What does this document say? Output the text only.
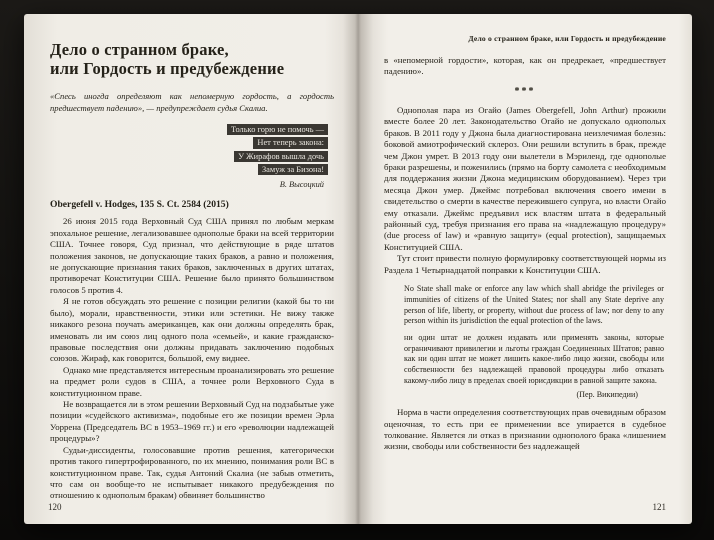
Дело о странном браке,
или Гордость и предубеждение

«Спесь иногда определяют как непомерную гордость, а гордость предшествует падению», — предупреждает судья Скалиа.

Только горю не помочь —
Нет теперь закона:
У Жирафов вышла дочь
Замуж за Бизона!
В. Высоцкий
Obergefell v. Hodges, 135 S. Ct. 2584 (2015)

26 июня 2015 года Верховный Суд США принял по любым меркам эпохальное решение, легализовавшее однополые браки на всей территории США. Точнее говоря, Суд признал, что действующие в ряде штатов положения законов, не допускающие таких браков, а равно и положения, не допускающие признания таких браков, заключенных в других штатах, противоречат Конституции США. Решение было принято большинством голосов 5 против 4.

Я не готов обсуждать это решение с позиции религии (какой бы то ни было), морали, нравственности, этики или эстетики. Не вижу также никакого резона поучать американцев, как они должны определять брак, именовать ли им союз лиц одного пола «семьей», и какие гражданско-правовые последствия они должны придавать заключению подобных союзов. Жираф, как говорится, большой, ему виднее.

Однако мне представляется интересным проанализировать это решение на предмет роли судов в США, а точнее роли Верховного Суда в конституционном праве.

Не возвращается ли в этом решении Верховный Суд на подзабытые уже позиции «судейского активизма», подобные его же позиции времен Эрла Уоррена (Председатель ВС в 1953–1969 гг.) и его «революции надлежащей процедуры»?

Судьи-диссиденты, голосовавшие против решения, категорически против такого гипертрофированного, по их мнению, понимания роли ВС в конституционном праве. Так, судья Антоний Скалиа (не забыв отметить, что сам он вообще-то не испытывает никакого предубеждения по отношению к однополым бракам) обвиняет большинство

120
Дело о странном браке, или Гордость и предубеждение

в «непомерной гордости», которая, как он предрекает, «предшествует падению».

***

Однополая пара из Огайо (James Obergefell, John Arthur) прожили вместе более 20 лет. Законодательство Огайо не допускало однополых браков. В 2011 году у Джона была диагностирована неизлечимая болезнь: боковой амиотрофический склероз. Они решили вступить в брак, прежде чем Джон умрет. В 2013 году они вылетели в Мэриленд, где однополые браки разрешены, и поженились (прямо на борту самолета с необходимым для поддержания жизни Джона медицинским оборудованием). Через три месяца Джон умер. Джеймс потребовал включения своего имени в свидетельство о смерти в качестве пережившего супруга, но власти Огайо ему отказали. Джеймс предъявил иск властям штата в федеральный районный суд, требуя признания его права на «надлежащую процедуру» (due process of law) и «равную защиту» (equal protection), защищаемых Конституцией США.

Тут стоит привести полную формулировку соответствующей нормы из Раздела 1 Четырнадцатой поправки к Конституции США.

No State shall make or enforce any law which shall abridge the privileges or immunities of citizens of the United States; nor shall any State deprive any person of life, liberty, or property, without due process of law; nor deny to any person within its jurisdiction the equal protection of the laws.
ни один штат не должен издавать или применять законы, которые ограничивают привилегии и льготы граждан Соединенных Штатов; равно как ни один штат не может лишить какое-либо лицо жизни, свободы или собственности без надлежащей правовой процедуры либо отказать какому-либо лицу в пределах своей юрисдикции в равной защите закона.
(Пер. Википедии)

Норма в части определения соответствующих прав очевидным образом оценочная, то есть при ее применении все упирается в судебное толкование. Является ли отказ в признании однополого брака «лишением жизни, свободы или собственности без надлежащей

121
